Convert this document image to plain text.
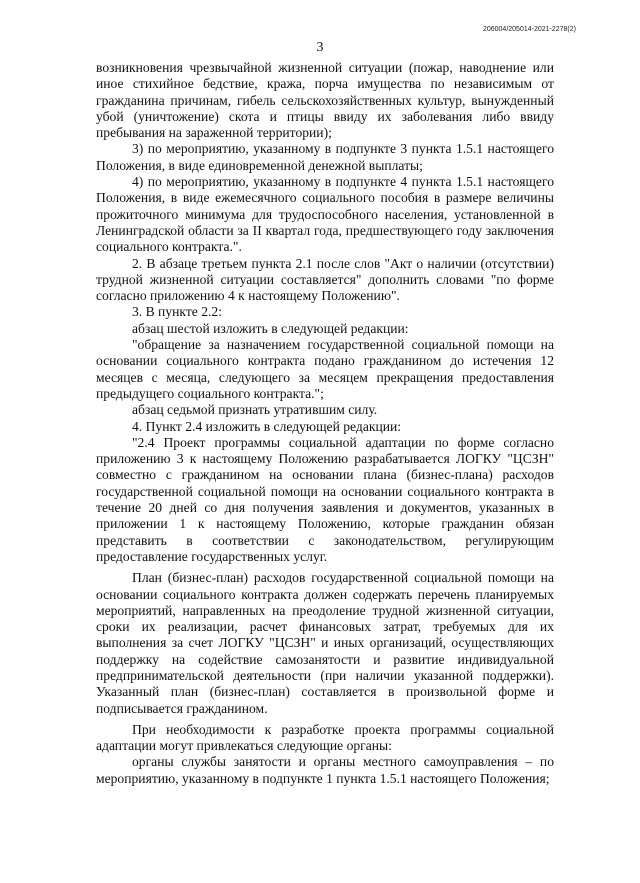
206004/205014-2021-2278(2)
3

возникновения чрезвычайной жизненной ситуации (пожар, наводнение или иное стихийное бедствие, кража, порча имущества по независимым от гражданина причинам, гибель сельскохозяйственных культур, вынужденный убой (уничтожение) скота и птицы ввиду их заболевания либо ввиду пребывания на зараженной территории);

3) по мероприятию, указанному в подпункте 3 пункта 1.5.1 настоящего Положения, в виде единовременной денежной выплаты;

4) по мероприятию, указанному в подпункте 4 пункта 1.5.1 настоящего Положения, в виде ежемесячного социального пособия в размере величины прожиточного минимума для трудоспособного населения, установленной в Ленинградской области за II квартал года, предшествующего году заключения социального контракта.".

2. В абзаце третьем пункта 2.1 после слов "Акт о наличии (отсутствии) трудной жизненной ситуации составляется" дополнить словами "по форме согласно приложению 4 к настоящему Положению".

3. В пункте 2.2:

абзац шестой изложить в следующей редакции:

"обращение за назначением государственной социальной помощи на основании социального контракта подано гражданином до истечения 12 месяцев с месяца, следующего за месяцем прекращения предоставления предыдущего социального контракта.";

абзац седьмой признать утратившим силу.

4. Пункт 2.4 изложить в следующей редакции:

"2.4 Проект программы социальной адаптации по форме согласно приложению 3 к настоящему Положению разрабатывается ЛОГКУ "ЦСЗН" совместно с гражданином на основании плана (бизнес-плана) расходов государственной социальной помощи на основании социального контракта в течение 20 дней со дня получения заявления и документов, указанных в приложении 1 к настоящему Положению, которые гражданин обязан представить в соответствии с законодательством, регулирующим предоставление государственных услуг.

План (бизнес-план) расходов государственной социальной помощи на основании социального контракта должен содержать перечень планируемых мероприятий, направленных на преодоление трудной жизненной ситуации, сроки их реализации, расчет финансовых затрат, требуемых для их выполнения за счет ЛОГКУ "ЦСЗН" и иных организаций, осуществляющих поддержку на содействие самозанятости и развитие индивидуальной предпринимательской деятельности (при наличии указанной поддержки). Указанный план (бизнес-план) составляется в произвольной форме и подписывается гражданином.

При необходимости к разработке проекта программы социальной адаптации могут привлекаться следующие органы:

органы службы занятости и органы местного самоуправления – по мероприятию, указанному в подпункте 1 пункта 1.5.1 настоящего Положения;
